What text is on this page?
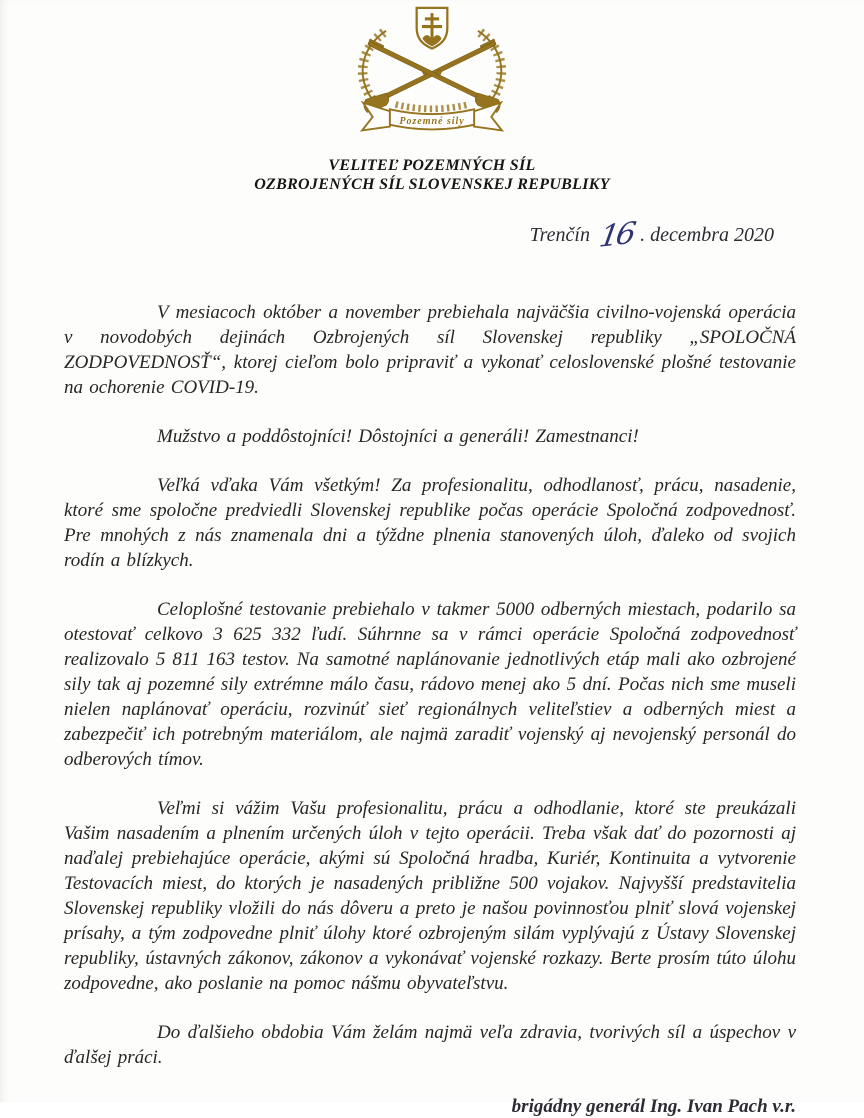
Pozemné sily
VELITEĽ POZEMNÝCH SÍL
OZBROJENÝCH SÍL SLOVENSKEJ REPUBLIKY
Trenčín 16 . decembra 2020

V mesiacoch október a november prebiehala najväčšia civilno-vojenská operácia v novodobých dejinách Ozbrojených síl Slovenskej republiky „SPOLOČNÁ ZODPOVEDNOSŤ“, ktorej cieľom bolo pripraviť a vykonať celoslovenské plošné testovanie na ochorenie COVID-19.

Mužstvo a poddôstojníci! Dôstojníci a generáli! Zamestnanci!

Veľká vďaka Vám všetkým! Za profesionalitu, odhodlanosť, prácu, nasadenie, ktoré sme spoločne predviedli Slovenskej republike počas operácie Spoločná zodpovednosť. Pre mnohých z nás znamenala dni a týždne plnenia stanovených úloh, ďaleko od svojich rodín a blízkych.

Celoplošné testovanie prebiehalo v takmer 5000 odberných miestach, podarilo sa otestovať celkovo 3 625 332 ľudí. Súhrnne sa v rámci operácie Spoločná zodpovednosť realizovalo 5 811 163 testov. Na samotné naplánovanie jednotlivých etáp mali ako ozbrojené sily tak aj pozemné sily extrémne málo času, rádovo menej ako 5 dní. Počas nich sme museli nielen naplánovať operáciu, rozvinúť sieť regionálnych veliteľstiev a odberných miest a zabezpečiť ich potrebným materiálom, ale najmä zaradiť vojenský aj nevojenský personál do odberových tímov.

Veľmi si vážim Vašu profesionalitu, prácu a odhodlanie, ktoré ste preukázali Vašim nasadením a plnením určených úloh v tejto operácii. Treba však dať do pozornosti aj naďalej prebiehajúce operácie, akými sú Spoločná hradba, Kuriér, Kontinuita a vytvorenie Testovacích miest, do ktorých je nasadených približne 500 vojakov. Najvyšší predstavitelia Slovenskej republiky vložili do nás dôveru a preto je našou povinnosťou plniť slová vojenskej prísahy, a tým zodpovedne plniť úlohy ktoré ozbrojeným silám vyplývajú z Ústavy Slovenskej republiky, ústavných zákonov, zákonov a vykonávať vojenské rozkazy. Berte prosím túto úlohu zodpovedne, ako poslanie na pomoc nášmu obyvateľstvu.

Do ďalšieho obdobia Vám želám najmä veľa zdravia, tvorivých síl a úspechov v ďalšej práci.

brigádny generál Ing. Ivan Pach v.r.
